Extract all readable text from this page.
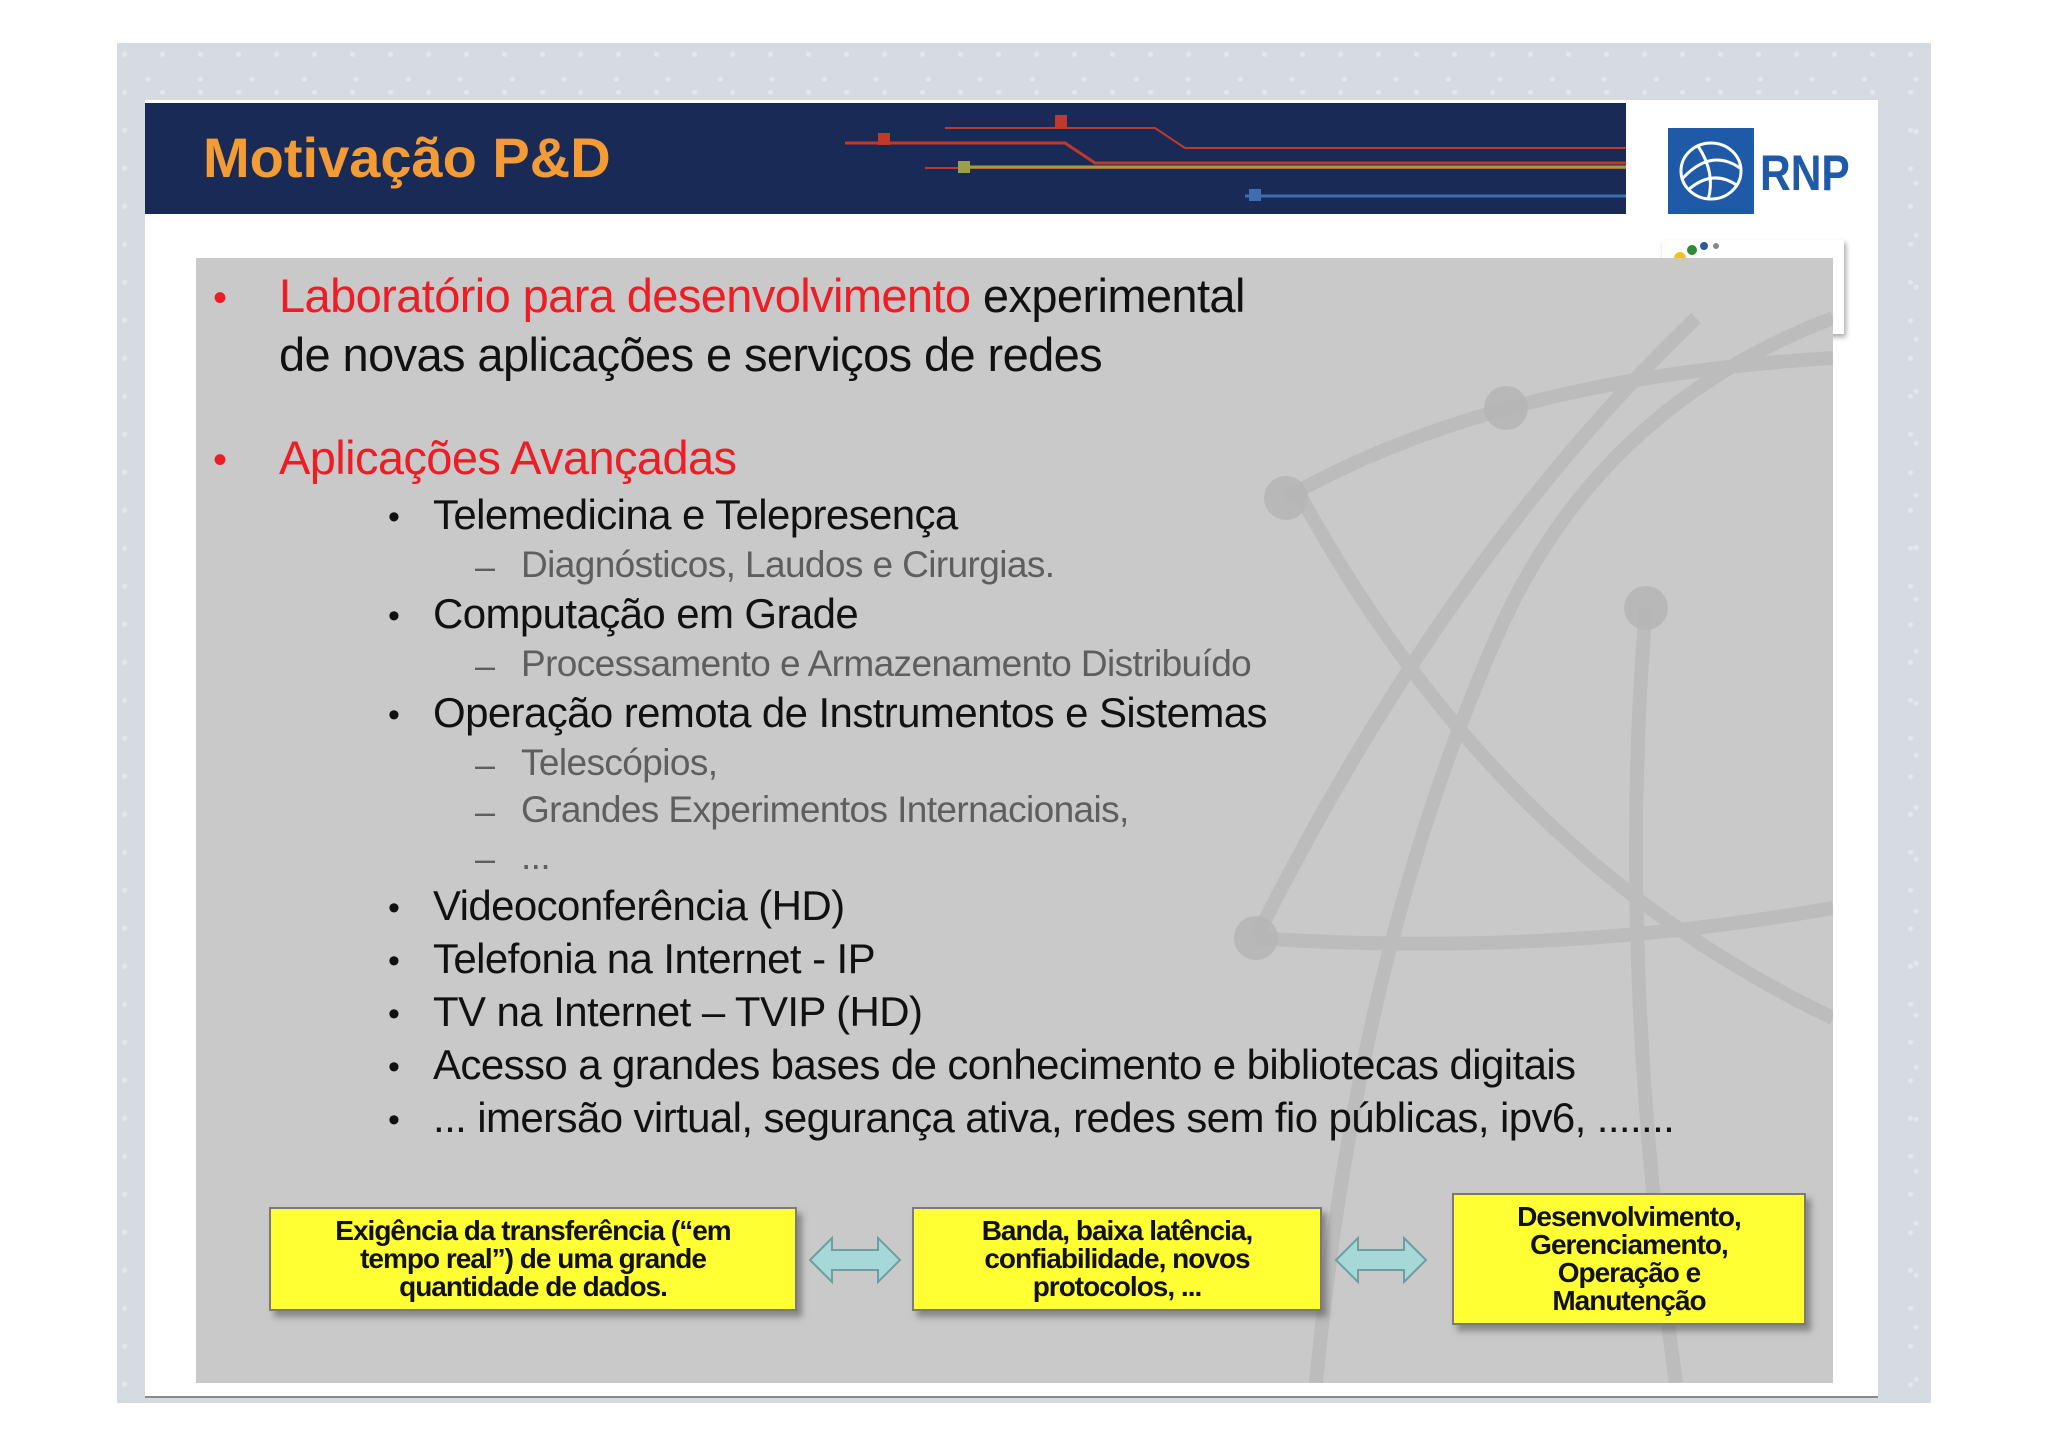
Motivação P&D	RNP
• Laboratório para desenvolvimento experimental

de novas aplicações e serviços de redes

• Aplicações Avançadas

• Telemedicina e Telepresença

– Diagnósticos, Laudos e Cirurgias.

• Computação em Grade

– Processamento e Armazenamento Distribuído

• Operação remota de Instrumentos e Sistemas

– Telescópios,

– Grandes Experimentos Internacionais,

– ...

• Videoconferência (HD)

• Telefonia na Internet - IP

• TV na Internet – TVIP (HD)

• Acesso a grandes bases de conhecimento e bibliotecas digitais

• ... imersão virtual, segurança ativa, redes sem fio públicas, ipv6, .......

Exigência da transferência (“em
tempo real”) de uma grande
quantidade de dados.
Banda, baixa latência,
confiabilidade, novos
protocolos, ...
Desenvolvimento,
Gerenciamento,
Operação e
Manutenção
